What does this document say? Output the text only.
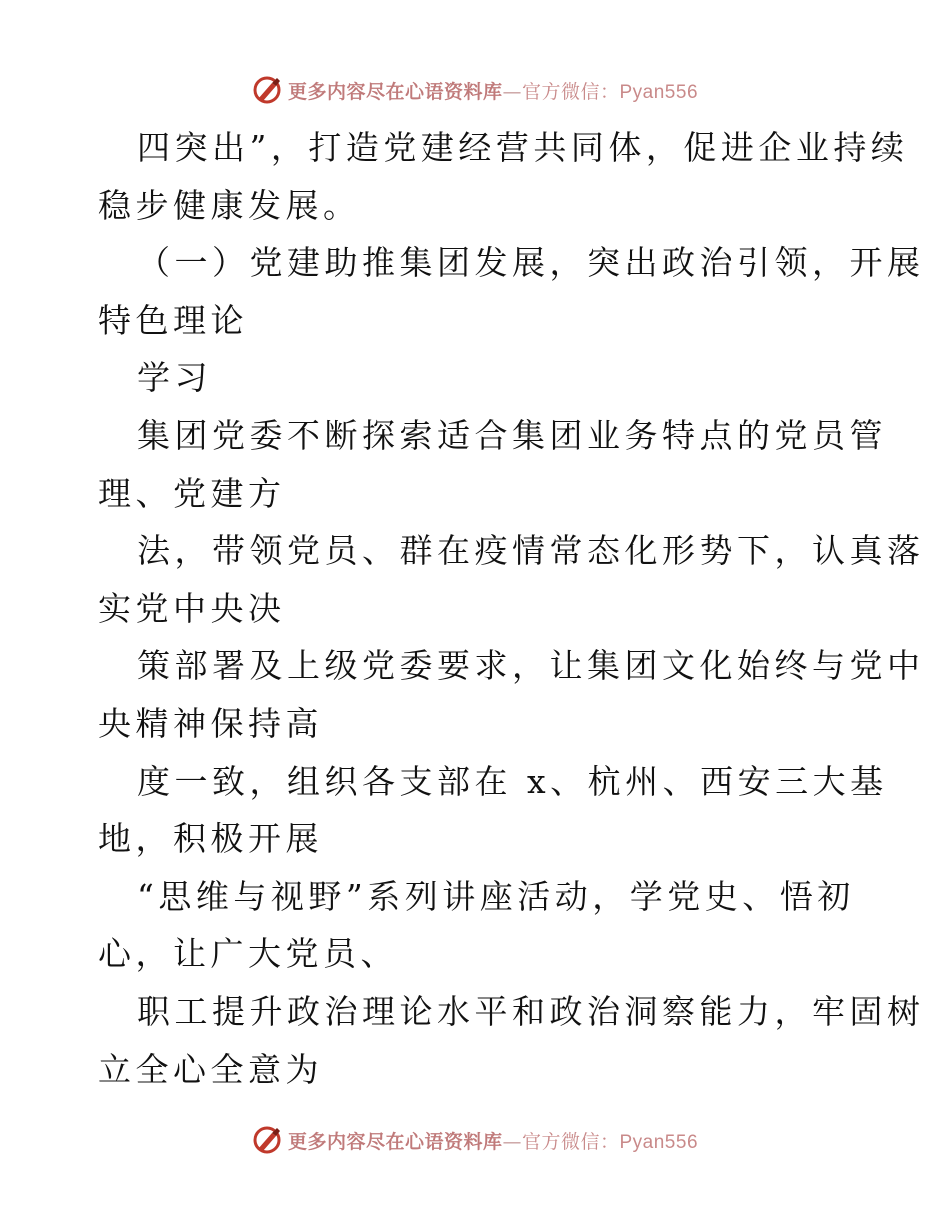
更多内容尽在心语资料库—官方微信：Pyan556
四突出”，打造党建经营共同体，促进企业持续
稳步健康发展。
（一）党建助推集团发展，突出政治引领，开展
特色理论
学习
集团党委不断探索适合集团业务特点的党员管
理、党建方
法，带领党员、群在疫情常态化形势下，认真落
实党中央决
策部署及上级党委要求，让集团文化始终与党中
央精神保持高
度一致，组织各支部在 x、杭州、西安三大基
地，积极开展
“思维与视野”系列讲座活动，学党史、悟初
心，让广大党员、
职工提升政治理论水平和政治洞察能力，牢固树
立全心全意为
更多内容尽在心语资料库—官方微信：Pyan556
